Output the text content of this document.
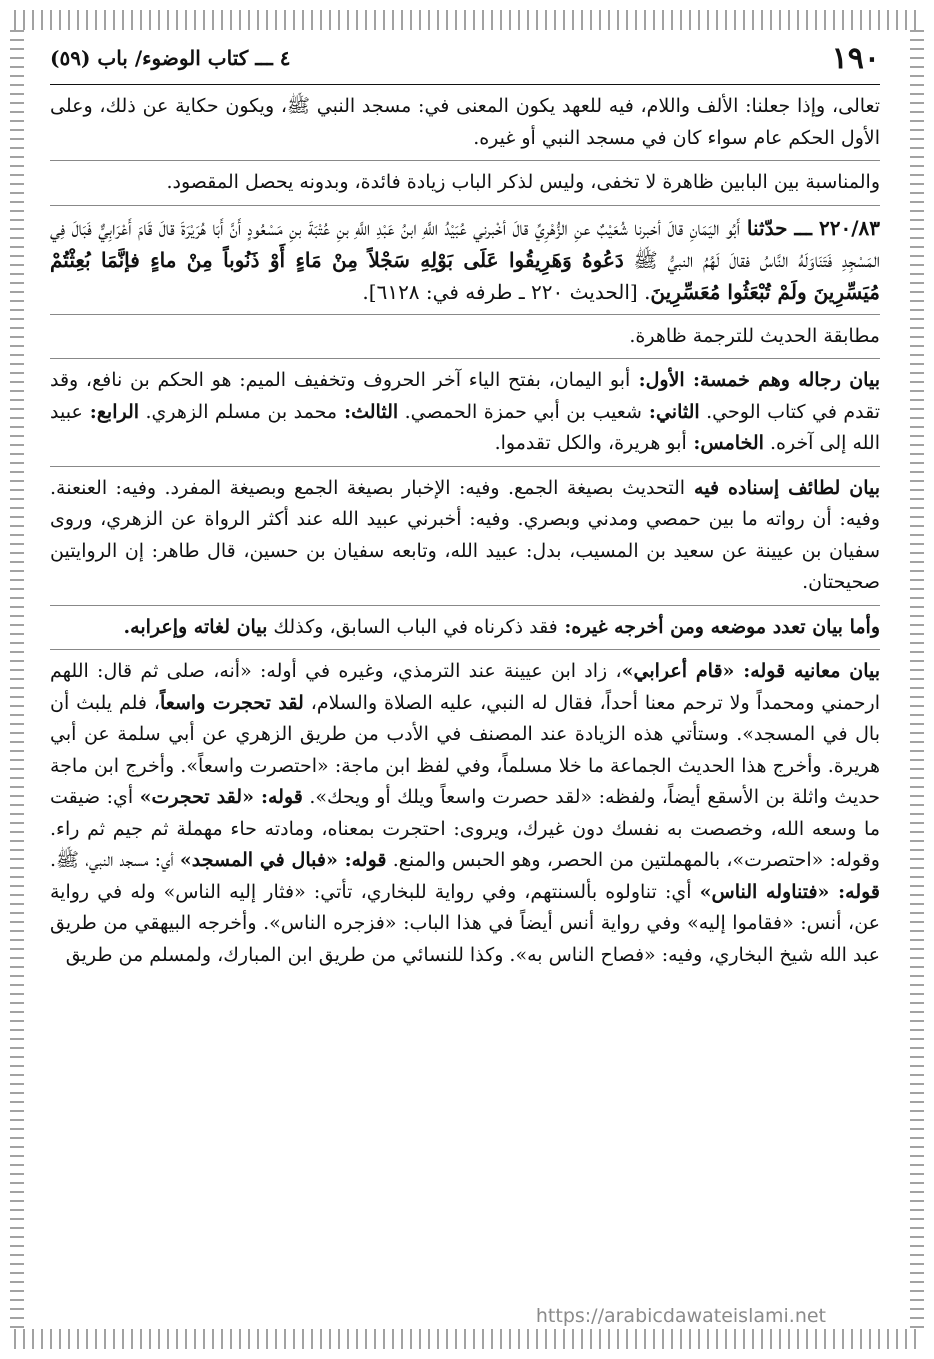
١٩٠
٤ ـــ كتاب الوضوء/ باب (٥٩)

تعالى، وإذا جعلنا: الألف واللام، فيه للعهد يكون المعنى في: مسجد النبي ﷺ، ويكون حكاية عن ذلك، وعلى الأول الحكم عام سواء كان في مسجد النبي أو غيره.

والمناسبة بين البابين ظاهرة لا تخفى، وليس لذكر الباب زيادة فائدة، وبدونه يحصل المقصود.

٢٢٠/٨٣ ـــ حدّثنا أَبُو اليَمَانِ قالَ أخبرنا شُعَيْبٌ عنِ الزُّهْرِيِّ قالَ أخْبرني عُبَيْدُ اللَّهِ ابنُ عَبْدِ اللَّهِ بنِ عُتْبَةَ بنِ مَسْعُودٍ أَنَّ أَبَا هُرَيْرَةَ قالَ قَامَ أَعْرَابِيٌّ فَبَالَ فِي المَسْجِدِ فَتَنَاوَلَهُ النَّاسُ فقالَ لَهُمُ النبيُّ ﷺ دَعُوهُ وَهَرِيقُوا عَلَى بَوْلِهِ سَجْلاً مِنْ مَاءٍ أَوْ ذَنُوباً مِنْ ماءٍ فإنَّمَا بُعِثْتُمْ مُيَسِّرِينَ ولَمْ تُبْعَثُوا مُعَسِّرِينَ. [الحديث ٢٢٠ ـ طرفه في: ٦١٢٨].

مطابقة الحديث للترجمة ظاهرة.

بيان رجاله وهم خمسة: الأول: أبو اليمان، بفتح الياء آخر الحروف وتخفيف الميم: هو الحكم بن نافع، وقد تقدم في كتاب الوحي. الثاني: شعيب بن أبي حمزة الحمصي. الثالث: محمد بن مسلم الزهري. الرابع: عبيد الله إلى آخره. الخامس: أبو هريرة، والكل تقدموا.

بيان لطائف إسناده فيه التحديث بصيغة الجمع. وفيه: الإخبار بصيغة الجمع وبصيغة المفرد. وفيه: العنعنة. وفيه: أن رواته ما بين حمصي ومدني وبصري. وفيه: أخبرني عبيد الله عند أكثر الرواة عن الزهري، وروى سفيان بن عيينة عن سعيد بن المسيب، بدل: عبيد الله، وتابعه سفيان بن حسين، قال طاهر: إن الروايتين صحيحتان.

وأما بيان تعدد موضعه ومن أخرجه غيره: فقد ذكرناه في الباب السابق، وكذلك بيان لغاته وإعرابه.

بيان معانيه قوله: «قام أعرابي»، زاد ابن عيينة عند الترمذي، وغيره في أوله: «أنه، صلى ثم قال: اللهم ارحمني ومحمداً ولا ترحم معنا أحداً، فقال له النبي، عليه الصلاة والسلام، لقد تحجرت واسعاً، فلم يلبث أن بال في المسجد». وستأتي هذه الزيادة عند المصنف في الأدب من طريق الزهري عن أبي سلمة عن أبي هريرة. وأخرج هذا الحديث الجماعة ما خلا مسلماً، وفي لفظ ابن ماجة: «احتصرت واسعاً». وأخرج ابن ماجة حديث واثلة بن الأسقع أيضاً، ولفظه: «لقد حصرت واسعاً ويلك أو ويحك». قوله: «لقد تحجرت» أي: ضيقت ما وسعه الله، وخصصت به نفسك دون غيرك، ويروى: احتجرت بمعناه، ومادته حاء مهملة ثم جيم ثم راء. وقوله: «احتصرت»، بالمهملتين من الحصر، وهو الحبس والمنع. قوله: «فبال في المسجد» أي: مسجد النبي، ﷺ. قوله: «فتناوله الناس» أي: تناولوه بألسنتهم، وفي رواية للبخاري، تأتي: «فثار إليه الناس» وله في رواية عن، أنس: «فقاموا إليه» وفي رواية أنس أيضاً في هذا الباب: «فزجره الناس». وأخرجه البيهقي من طريق عبد الله شيخ البخاري، وفيه: «فصاح الناس به». وكذا للنسائي من طريق ابن المبارك، ولمسلم من طريق

https://arabicdawateislami.net
